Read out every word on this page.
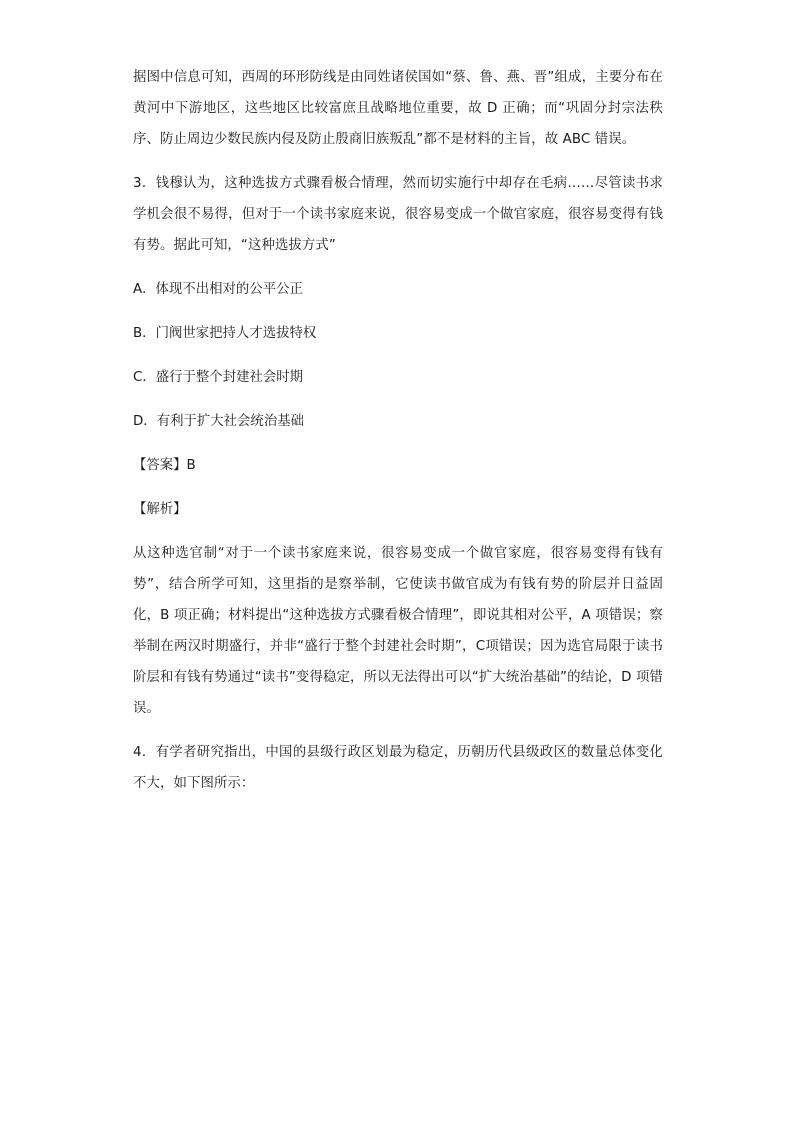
据图中信息可知，西周的环形防线是由同姓诸侯国如“蔡、鲁、燕、晋”组成，主要分布在黄河中下游地区，这些地区比较富庶且战略地位重要，故 D 正确；而“巩固分封宗法秩序、防止周边少数民族内侵及防止殷商旧族叛乱”都不是材料的主旨，故 ABC 错误。

3．钱穆认为，这种选拔方式骤看极合情理，然而切实施行中却存在毛病……尽管读书求学机会很不易得，但对于一个读书家庭来说，很容易变成一个做官家庭，很容易变得有钱有势。据此可知，“这种选拔方式”

A．体现不出相对的公平公正

B．门阀世家把持人才选拔特权

C．盛行于整个封建社会时期

D．有利于扩大社会统治基础

【答案】B

【解析】

从这种选官制“对于一个读书家庭来说，很容易变成一个做官家庭，很容易变得有钱有势”，结合所学可知，这里指的是察举制，它使读书做官成为有钱有势的阶层并日益固化，B 项正确；材料提出“这种选拔方式骤看极合情理”，即说其相对公平，A 项错误；察举制在两汉时期盛行，并非“盛行于整个封建社会时期”，C项错误；因为选官局限于读书阶层和有钱有势通过“读书”变得稳定，所以无法得出可以“扩大统治基础”的结论，D 项错误。

4．有学者研究指出，中国的县级行政区划最为稳定，历朝历代县级政区的数量总体变化不大，如下图所示：
